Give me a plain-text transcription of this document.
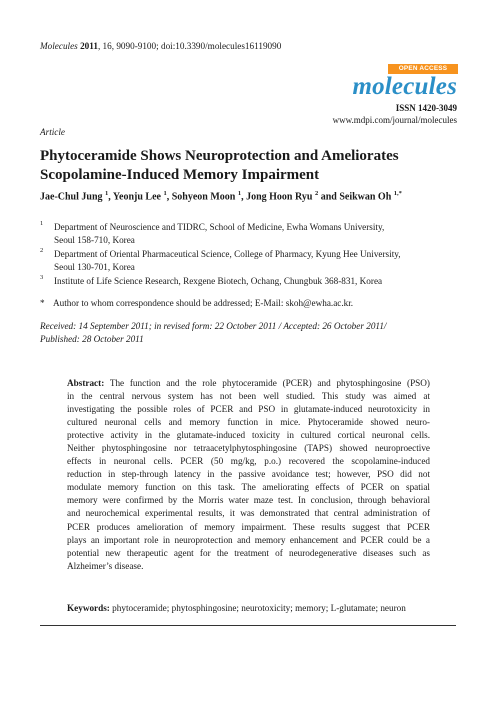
Molecules 2011, 16, 9090-9100; doi:10.3390/molecules16119090
OPEN ACCESS
molecules
ISSN 1420-3049
www.mdpi.com/journal/molecules
Article
Phytoceramide Shows Neuroprotection and Ameliorates
Scopolamine-Induced Memory Impairment
Jae-Chul Jung $^1$, Yeonju Lee $^1$, Sohyeon Moon $^1$, Jong Hoon Ryu $^2$ and Seikwan Oh $^{1,*}$
1 Department of Neuroscience and TIDRC, School of Medicine, Ewha Womans University,
Seoul 158-710, Korea
2 Department of Oriental Pharmaceutical Science, College of Pharmacy, Kyung Hee University,
Seoul 130-701, Korea
3 Institute of Life Science Research, Rexgene Biotech, Ochang, Chungbuk 368-831, Korea
* Author to whom correspondence should be addressed; E-Mail: skoh@ewha.ac.kr.
Received: 14 September 2011; in revised form: 22 October 2011 / Accepted: 26 October 2011/
Published: 28 October 2011
Abstract: The function and the role phytoceramide (PCER) and phytosphingosine (PSO)
in the central nervous system has not been well studied. This study was aimed at
investigating the possible roles of PCER and PSO in glutamate-induced neurotoxicity in
cultured neuronal cells and memory function in mice. Phytoceramide showed neuro-
protective activity in the glutamate-induced toxicity in cultured cortical neuronal cells.
Neither phytosphingosine nor tetraacetylphytosphingosine (TAPS) showed neuroproective
effects in neuronal cells. PCER (50 mg/kg, p.o.) recovered the scopolamine-induced
reduction in step-through latency in the passive avoidance test; however, PSO did not
modulate memory function on this task. The ameliorating effects of PCER on spatial
memory were confirmed by the Morris water maze test. In conclusion, through behavioral
and neurochemical experimental results, it was demonstrated that central administration of
PCER produces amelioration of memory impairment. These results suggest that PCER
plays an important role in neuroprotection and memory enhancement and PCER could be a
potential new therapeutic agent for the treatment of neurodegenerative diseases such as
Alzheimer’s disease.
Keywords: phytoceramide; phytosphingosine; neurotoxicity; memory; L-glutamate; neuron
